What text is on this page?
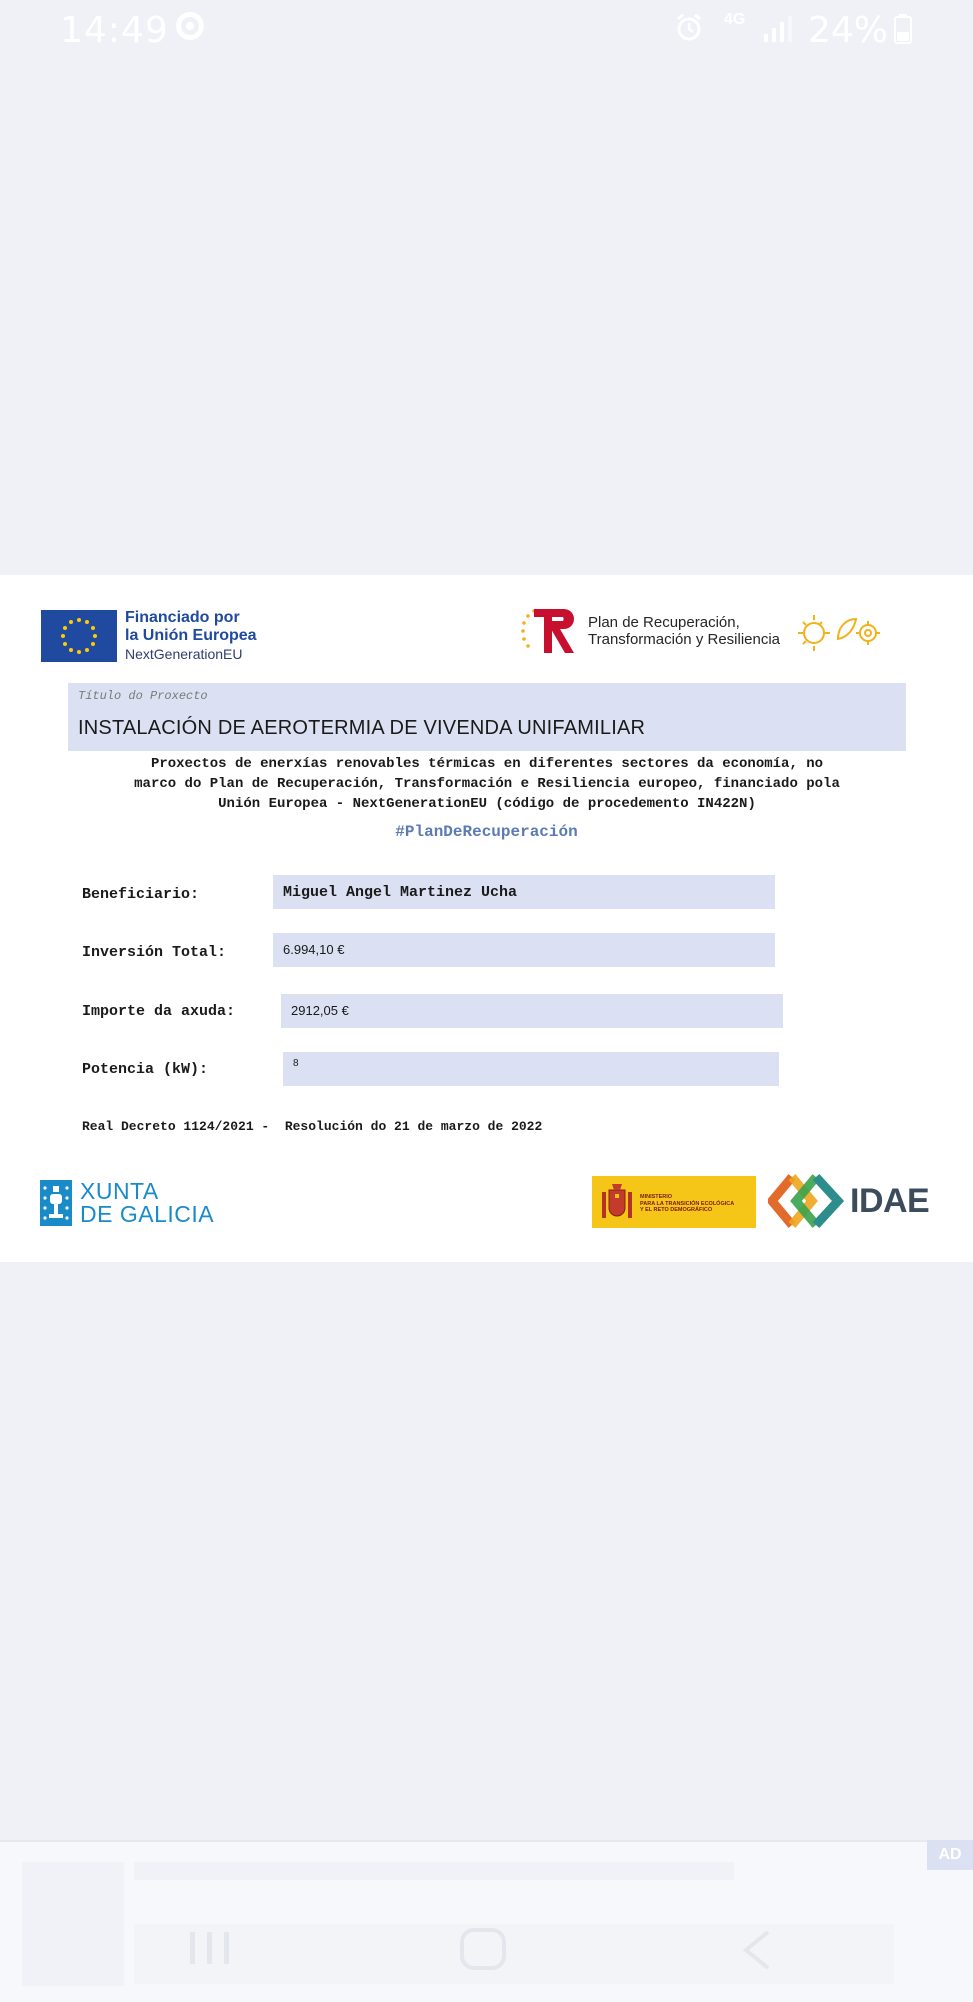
14:49	4G 24%
Financiado por
la Unión Europea
NextGenerationEU
Plan de Recuperación,
Transformación y Resiliencia
Título do Proxecto
INSTALACIÓN DE AEROTERMIA DE VIVENDA UNIFAMILIAR
Proxectos de enerxías renovables térmicas en diferentes sectores da economía, no
marco do Plan de Recuperación, Transformación e Resiliencia europeo, financiado pola
Unión Europea - NextGenerationEU (código de procedemento IN422N)
#PlanDeRecuperación
Beneficiario:	Miguel Angel Martinez Ucha
Inversión Total:	6.994,10 €
Importe da axuda:	2912,05 €
Potencia (kW):	8
Real Decreto 1124/2021 -  Resolución do 21 de marzo de 2022
XUNTA
DE GALICIA
MINISTERIO
PARA LA TRANSICIÓN ECOLÓGICA
Y EL RETO DEMOGRÁFICO	IDAE
AD
